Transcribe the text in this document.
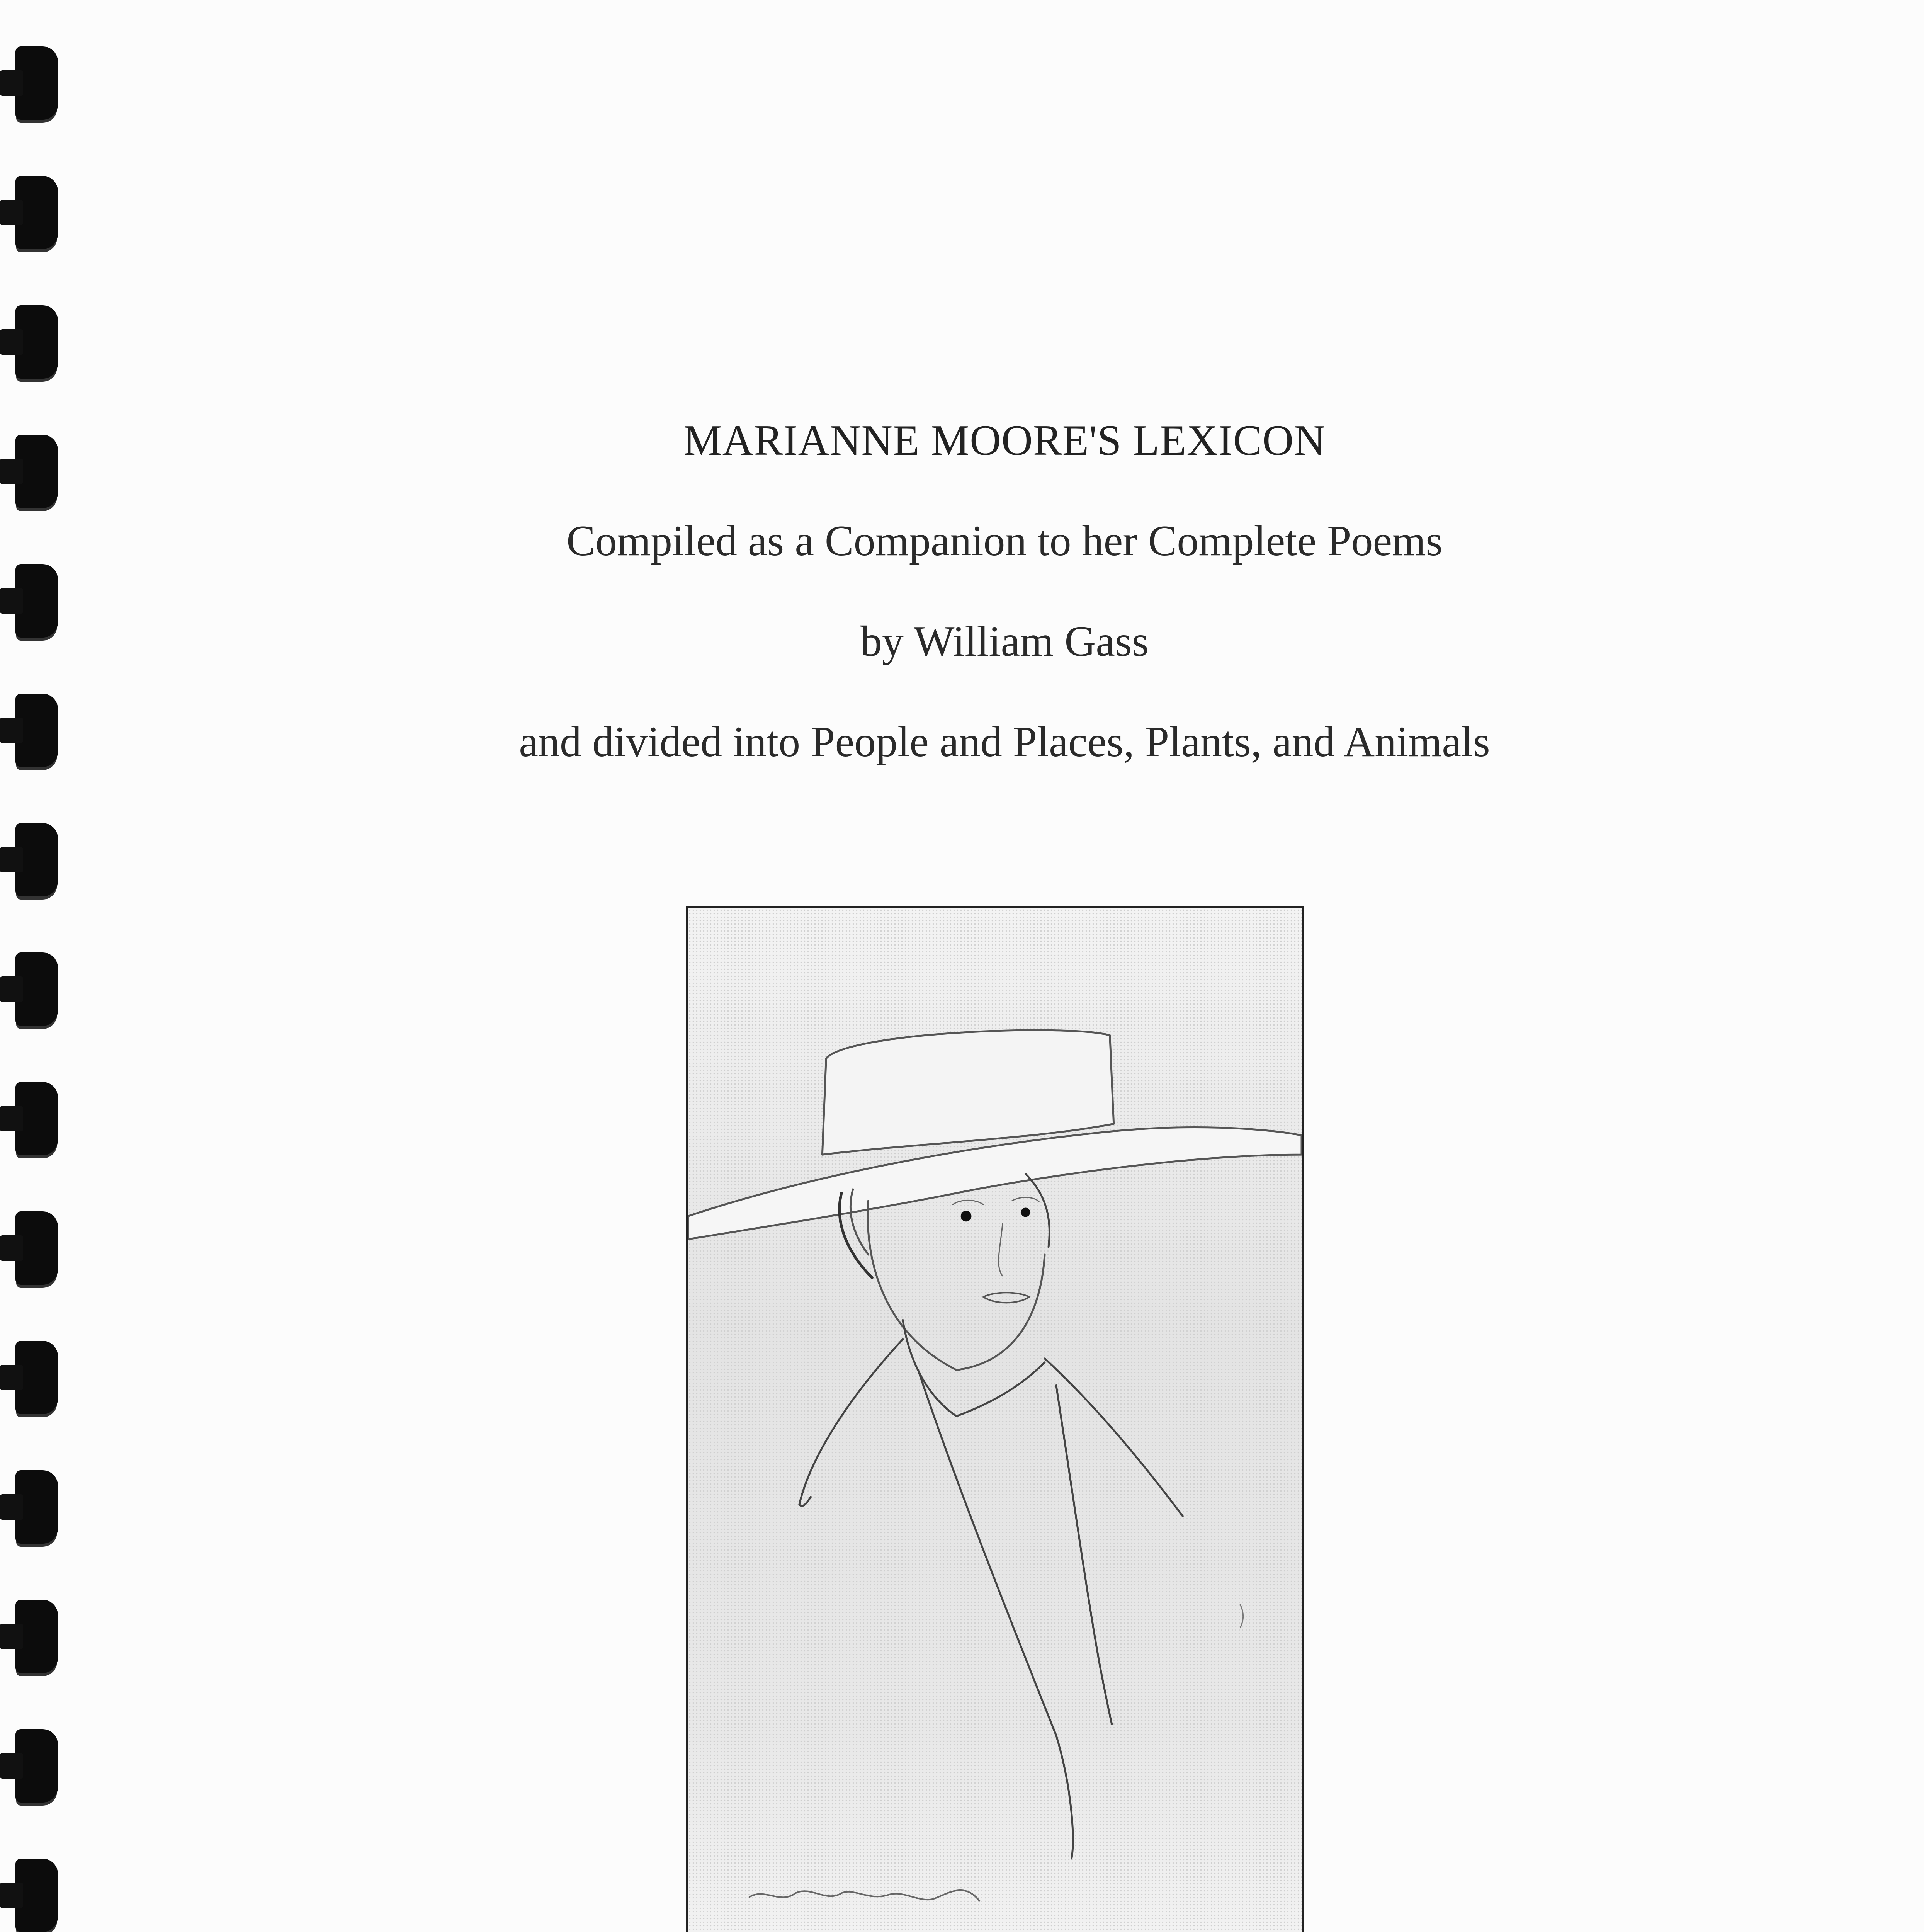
MARIANNE MOORE'S LEXICON

Compiled as a Companion to her Complete Poems

by William Gass

and divided into People and Places, Plants, and Animals
